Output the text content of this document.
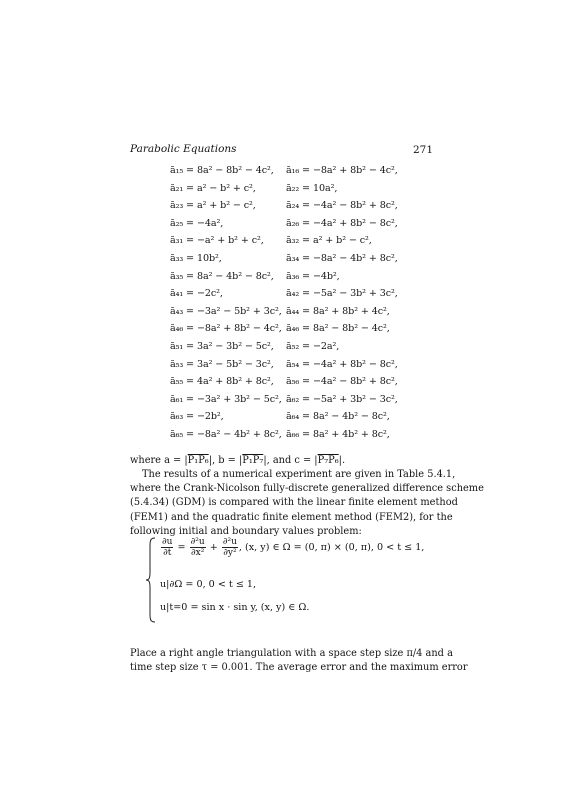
Parabolic Equations	271
ā₁₅ = 8a² − 8b² − 4c², ā₁₆ = −8a² + 8b² − 4c²,
ā₂₁ = a² − b² + c²,	ā₂₂ = 10a²,
ā₂₃ = a² + b² − c²,	ā₂₄ = −4a² − 8b² + 8c²,
ā₂₅ = −4a²,	ā₂₆ = −4a² + 8b² − 8c²,
ā₃₁ = −a² + b² + c², ā₃₂ = a² + b² − c²,
ā₃₃ = 10b²,	ā₃₄ = −8a² − 4b² + 8c²,
ā₃₅ = 8a² − 4b² − 8c², ā₃₆ = −4b²,
ā₄₁ = −2c²,	ā₄₂ = −5a² − 3b² + 3c²,
ā₄₃ = −3a² − 5b² + 3c², ā₄₄ = 8a² + 8b² + 4c²,
ā₄₆ = −8a² + 8b² − 4c², ā₄₆ = 8a² − 8b² − 4c²,
ā₅₁ = 3a² − 3b² − 5c², ā₅₂ = −2a²,
ā₅₃ = 3a² − 5b² − 3c², ā₅₄ = −4a² + 8b² − 8c²,
ā₅₅ = 4a² + 8b² + 8c², ā₅₆ = −4a² − 8b² + 8c²,
ā₆₁ = −3a² + 3b² − 5c², ā₆₂ = −5a² + 3b² − 3c²,
ā₆₃ = −2b²,	ā₆₄ = 8a² − 4b² − 8c²,
ā₆₅ = −8a² − 4b² + 8c², ā₆₆ = 8a² + 4b² + 8c²,
where a = |P₁P₆|, b = |P₁P₇|, and c = |P₇P₆|.
The results of a numerical experiment are given in Table 5.4.1,
where the Crank-Nicolson fully-discrete generalized difference scheme
(5.4.34) (GDM) is compared with the linear finite element method
(FEM1) and the quadratic finite element method (FEM2), for the
following initial and boundary values problem:
$\frac{\partial u}{\partial t} = \frac{\text{∂²u}}{\text{∂x²}} + \frac{\text{∂²u}}{\text{∂y²}}$ , (x, y) ∈ Ω = (0, π) × (0, π), 0 < t ≤ 1,
u|∂Ω = 0, 0 < t ≤ 1,
u|t=0 = sin x · sin y, (x, y) ∈ Ω.
Place a right angle triangulation with a space step size π/4 and a
time step size τ = 0.001. The average error and the maximum error
